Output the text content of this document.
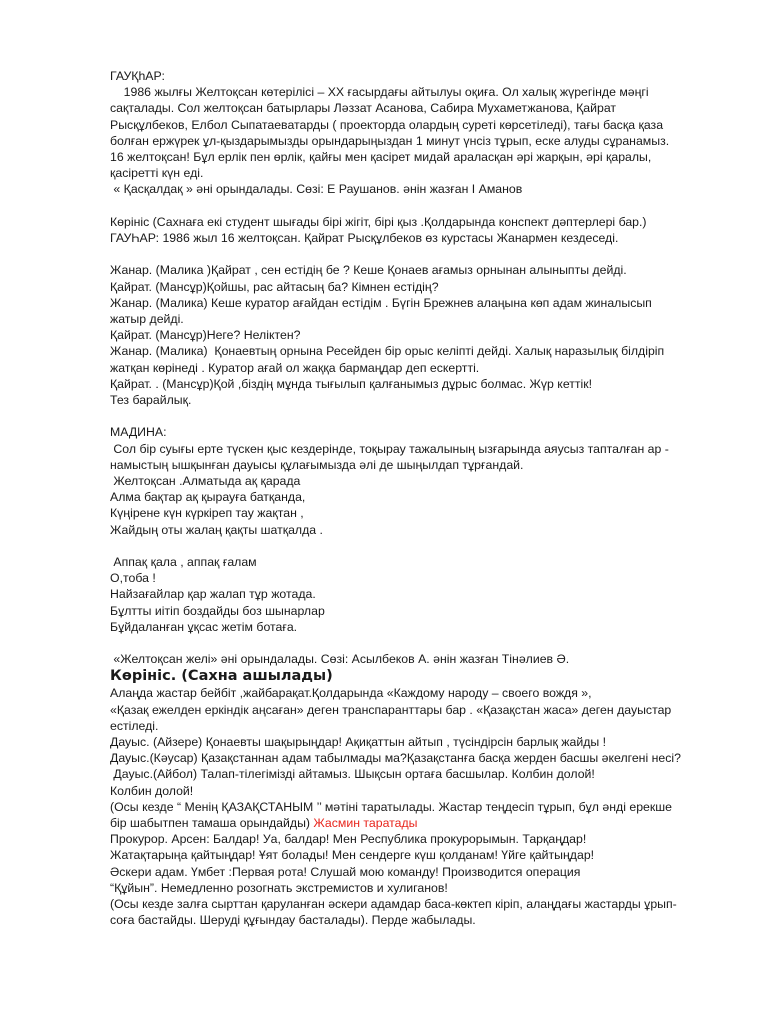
ГАУҚһАР:
1986 жылғы Желтоқсан көтерілісі – ХХ ғасырдағы айтылуы оқиға. Ол халық жүрегінде мәңгі
сақталады. Сол желтоқсан батырлары Ләззат Асанова, Сабира Мухаметжанова, Қайрат
Рысқұлбеков, Елбол Сыпатаеватарды ( проекторда олардың суреті көрсетіледі), тағы басқа қаза
болған ержүрек ұл-қыздарымызды орындарыңыздан 1 минут үнсіз тұрып, еске алуды сұранамыз.
16 желтоқсан! Бұл ерлік пен өрлік, қайғы мен қасірет мидай араласқан әрі жарқын, әрі қаралы,
қасіретті күн еді.
« Қасқалдақ » әні орындалады. Сөзі: Е Раушанов. әнін жазған І Аманов
Көрініс (Сахнаға екі студент шығады бірі жігіт, бірі қыз .Қолдарында конспект дәптерлері бар.)
ГАУҺАР: 1986 жыл 16 желтоқсан. Қайрат Рысқұлбеков өз курстасы Жанармен кездеседі.
Жанар. (Малика )Қайрат , сен естідің бе ? Кеше Қонаев ағамыз орнынан алыныпты дейді.
Қайрат. (Мансұр)Қойшы, рас айтасың ба? Кімнен естідің?
Жанар. (Малика) Кеше куратор ағайдан естідім . Бүгін Брежнев алаңына көп адам жиналысып
жатыр дейді.
Қайрат. (Мансұр)Неге? Неліктен?
Жанар. (Малика)  Қонаевтың орнына Ресейден бір орыс келіпті дейді. Халық наразылық білдіріп
жатқан көрінеді . Куратор ағай ол жаққа бармаңдар деп ескертті.
Қайрат. . (Мансұр)Қой ,біздің мұнда тығылып қалғанымыз дұрыс болмас. Жүр кеттік!
Тез барайлық.
МАДИНА:
Сол бір суығы ерте түскен қыс кездерінде, тоқырау тажалының ызғарында аяусыз тапталған ар -
намыстың ышқынған дауысы құлағымызда әлі де шыңылдап тұрғандай.
Желтоқсан .Алматыда ақ қарада
Алма бақтар ақ қырауға батқанда,
Күңірене күн күркіреп тау жақтан ,
Жайдың оты жалаң қақты шатқалда .
Аппақ қала , аппақ ғалам
О,тоба !
Найзағайлар қар жалап тұр жотада.
Бұлтты иітіп боздайды боз шынарлар
Бұйдаланған ұқсас жетім ботаға.
«Желтоқсан желі» әні орындалады. Сөзі: Асылбеков А. әнін жазған Тінәлиев Ә.
Көрініс. (Сахна ашылады)
Алаңда жастар бейбіт ,жайбарақат.Қолдарында «Каждому народу – своего вождя »,
«Қазақ ежелден еркіндік аңсаған» деген транспаранттары бар . «Қазақстан жаса» деген дауыстар
естіледі.
Дауыс. (Айзере) Қонаевты шақырыңдар! Ақиқаттын айтып , түсіндірсін барлық жайды !
Дауыс.(Кәусар) Қазақстаннан адам табылмады ма?Қазақстанға басқа жерден басшы әкелгені несі?
Дауыс.(Айбол) Талап-тілегімізді айтамыз. Шықсын ортаға басшылар. Колбин долой!
Колбин долой!
(Осы кезде “ Менің ҚАЗАҚСТАНЫМ ’’ мәтіні таратылады. Жастар теңдесіп тұрып, бұл әнді ерекше
бір шабытпен тамаша орындайды) Жасмин таратады
Прокурор. Арсен: Балдар! Уа, балдар! Мен Республика прокурорымын. Тарқаңдар!
Жатақтарыңа қайтыңдар! Ұят болады! Мен сендерге күш қолданам! Үйге қайтыңдар!
Әскери адам. Үмбет :Первая рота! Слушай мою команду! Производится операция
“Құйын”. Немедленно розогнать экстремистов и хулиганов!
(Осы кезде залға сырттан қаруланған әскери адамдар баса-көктеп кіріп, алаңдағы жастарды ұрып-
соға бастайды. Шеруді құғындау басталады). Перде жабылады.
